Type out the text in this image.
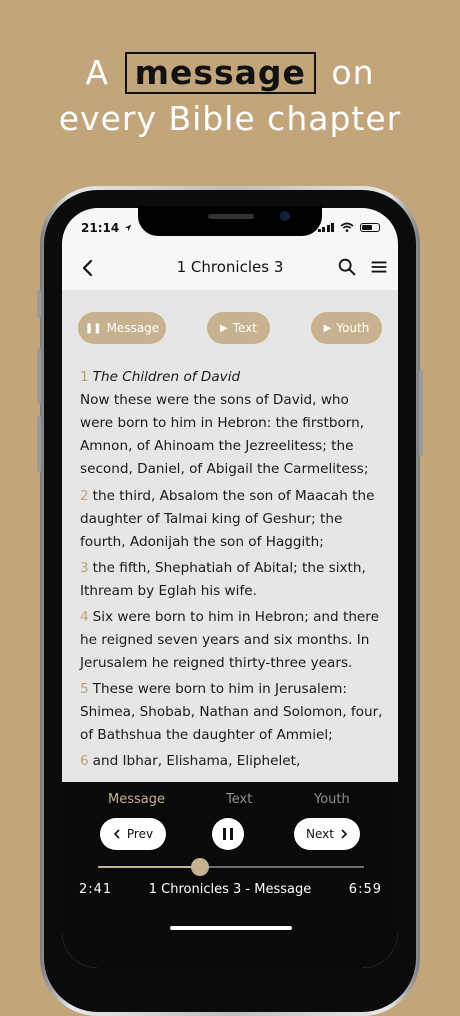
A message on
every Bible chapter
21:14
1 Chronicles 3
❚❚ Message	▶ Text	▶ Youth
1 The Children of David
Now these were the sons of David, who were born to him in Hebron: the firstborn, Amnon, of Ahinoam the Jezreelitess; the second, Daniel, of Abigail the Carmelitess;
2 the third, Absalom the son of Maacah the daughter of Talmai king of Geshur; the fourth, Adonijah the son of Haggith;
3 the fifth, Shephatiah of Abital; the sixth, Ithream by Eglah his wife.
4 Six were born to him in Hebron; and there he reigned seven years and six months. In Jerusalem he reigned thirty-three years.
5 These were born to him in Jerusalem: Shimea, Shobab, Nathan and Solomon, four, of Bathshua the daughter of Ammiel;
6 and Ibhar, Elishama, Eliphelet,
Message	Text	Youth
Prev	Next
2:41	1 Chronicles 3 - Message	6:59
